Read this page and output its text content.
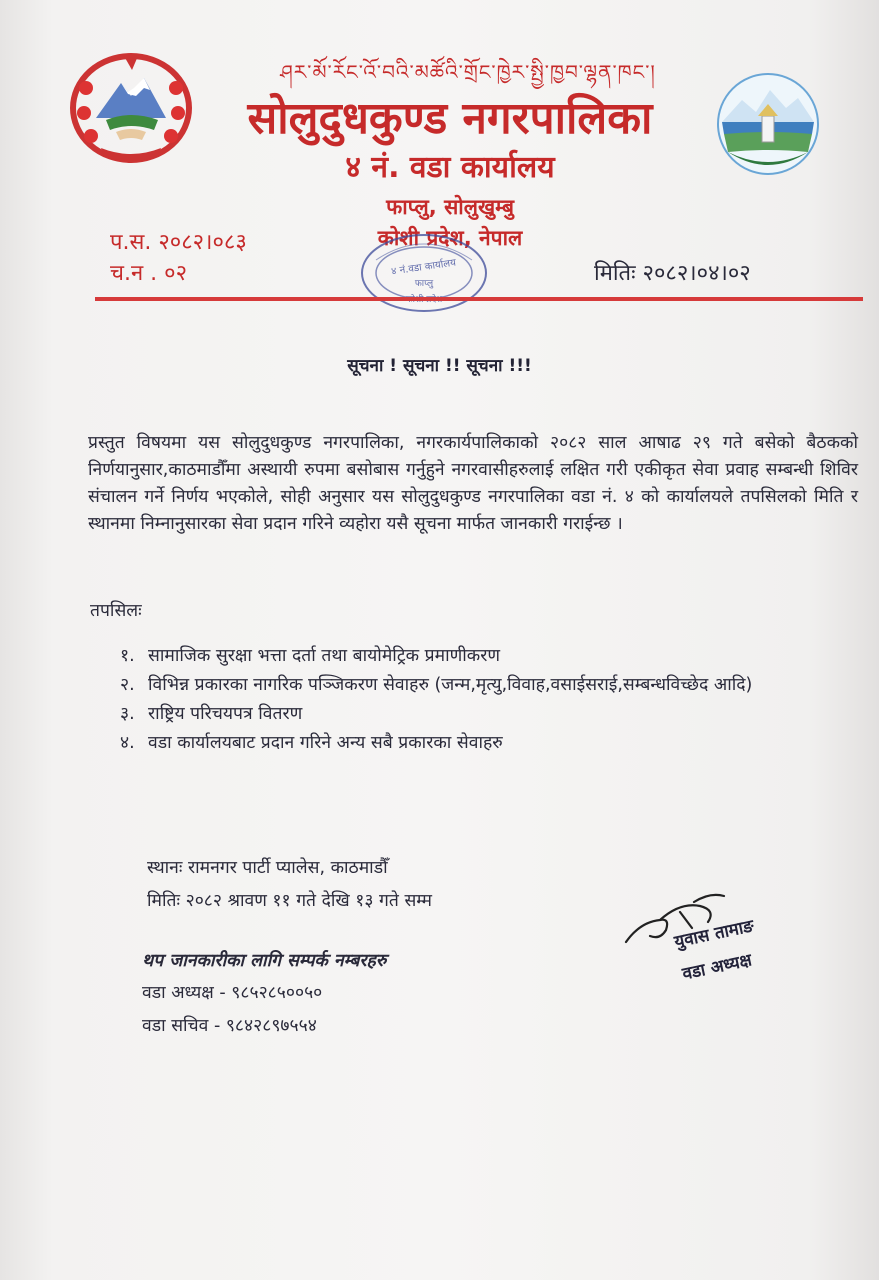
ཤར་མོ་རོང་འོ་བའི་མཚོའི་གྲོང་ཁྱེར་སྤྱི་ཁྱབ་ལྷན་ཁང་།
सोलुदुधकुण्ड नगरपालिका
४ नं. वडा कार्यालय
फाप्लु, सोलुखुम्बु
कोशी प्रदेश, नेपाल
४ नं.वडा कार्यालय
फाप्लु
प.स. २०८२।०८३
च.न . ०२	मितिः २०८२।०४।०२
सूचना ! सूचना !! सूचना !!!
प्रस्तुत विषयमा यस सोलुदुधकुण्ड नगरपालिका, नगरकार्यपालिकाको २०८२ साल आषाढ २९ गते बसेको बैठकको निर्णयानुसार,काठमाडौँमा अस्थायी रुपमा बसोबास गर्नुहुने नगरवासीहरुलाई लक्षित गरी एकीकृत सेवा प्रवाह सम्बन्धी शिविर संचालन गर्ने निर्णय भएकोले, सोही अनुसार यस सोलुदुधकुण्ड नगरपालिका वडा नं. ४ को कार्यालयले तपसिलको मिति र स्थानमा निम्नानुसारका सेवा प्रदान गरिने व्यहोरा यसै सूचना मार्फत जानकारी गराईन्छ ।
तपसिलः
१. सामाजिक सुरक्षा भत्ता दर्ता तथा बायोमेट्रिक प्रमाणीकरण
२. विभिन्न प्रकारका नागरिक पञ्जिकरण सेवाहरु (जन्म,मृत्यु,विवाह,वसाईसराई,सम्बन्धविच्छेद आदि)
३. राष्ट्रिय परिचयपत्र वितरण
४. वडा कार्यालयबाट प्रदान गरिने अन्य सबै प्रकारका सेवाहरु
स्थानः रामनगर पार्टी प्यालेस, काठमाडौँ
मितिः २०८२ श्रावण ११ गते देखि १३ गते सम्म
थप जानकारीका लागि सम्पर्क नम्बरहरु
वडा अध्यक्ष - ९८५२८५००५०
वडा सचिव - ९८४२८९७५५४
युवास तामाङ
वडा अध्यक्ष
